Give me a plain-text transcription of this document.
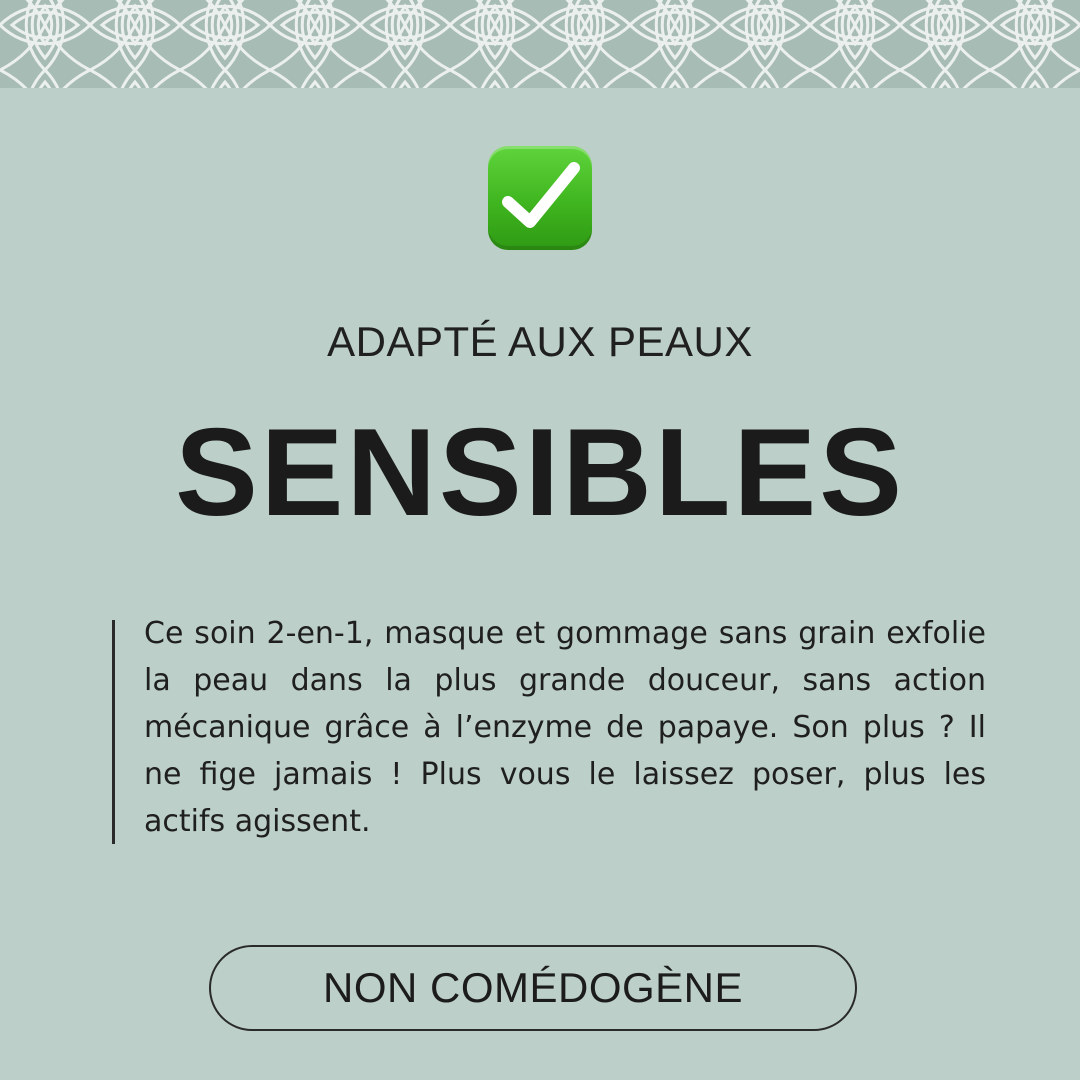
ADAPTÉ AUX PEAUX
SENSIBLES

Ce soin 2-en-1, masque et gommage sans grain exfolie la peau dans la plus grande douceur, sans action mécanique grâce à l’enzyme de papaye. Son plus ? Il ne fige jamais ! Plus vous le laissez poser, plus les actifs agissent.

NON COMÉDOGÈNE
